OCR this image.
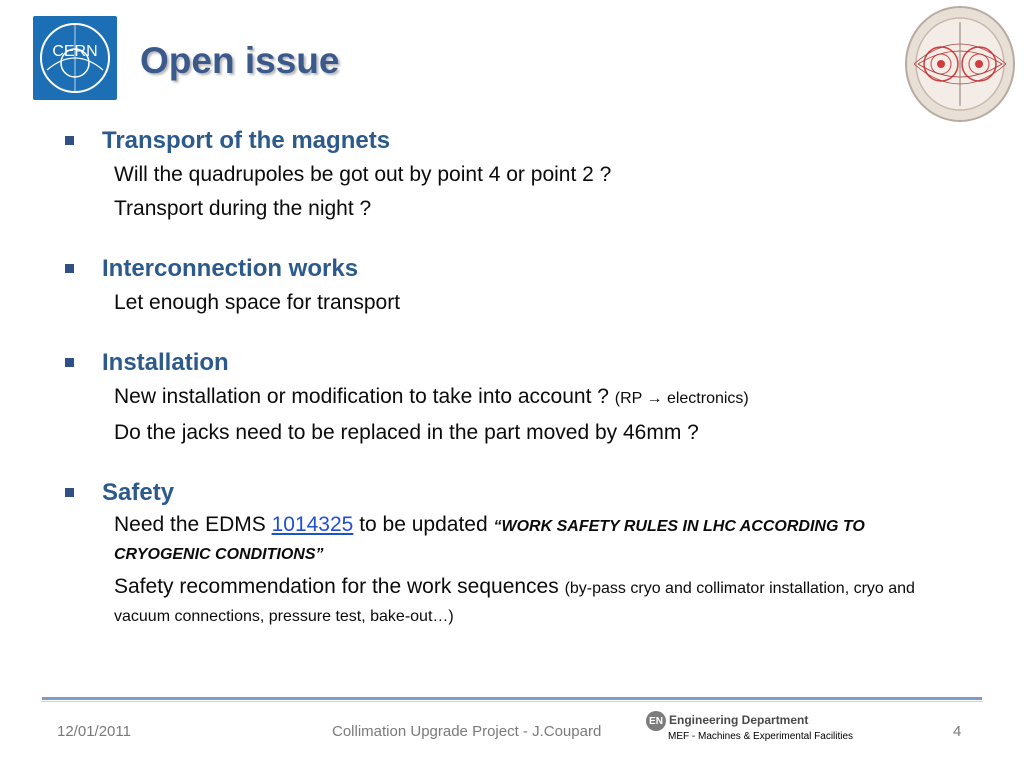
CERN Open issue
Transport of the magnets
Will the quadrupoles be got out by point 4 or point 2 ?
Transport during the night ?
Interconnection works
Let enough space for transport
Installation
New installation or modification to take into account ? (RP → electronics)
Do the jacks need to be replaced in the part moved by 46mm ?
Safety
Need the EDMS 1014325 to be updated “WORK SAFETY RULES IN LHC ACCORDING TO CRYOGENIC CONDITIONS”
Safety recommendation for the work sequences (by-pass cryo and collimator installation, cryo and vacuum connections, pressure test, bake-out…)
12/01/2011	Collimation Upgrade Project - J.Coupard	4
EN Engineering Department
MEF - Machines & Experimental Facilities
